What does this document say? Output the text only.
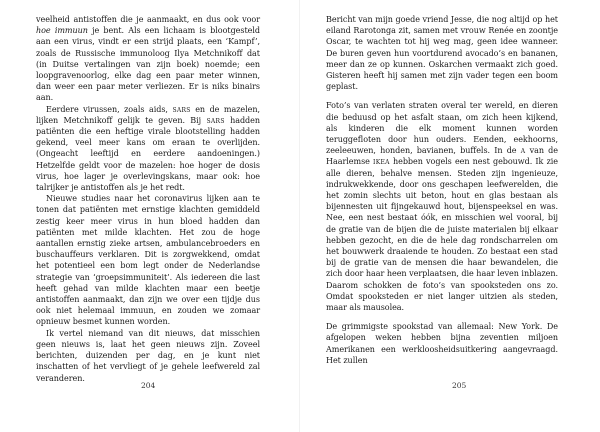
veelheid antistoffen die je aanmaakt, en dus ook voor hoe immuun je bent. Als een lichaam is blootgesteld aan een virus, vindt er een strijd plaats, een ‘Kampf’, zoals de Russische immunoloog Ilya Metchnikoff dat (in Duitse vertalingen van zijn boek) noemde; een loopgravenoorlog, elke dag een paar meter winnen, dan weer een paar meter verliezen. Er is niks binairs aan.

Eerdere virussen, zoals aids, sars en de mazelen, lijken Metchnikoff gelijk te geven. Bij sars hadden patiënten die een heftige virale blootstelling hadden gekend, veel meer kans om eraan te overlijden. (Ongeacht leeftijd en eerdere aandoeningen.) Hetzelfde geldt voor de mazelen: hoe hoger de dosis virus, hoe lager je overlevingskans, maar ook: hoe talrijker je antistoffen als je het redt.

Nieuwe studies naar het coronavirus lijken aan te tonen dat patiënten met ernstige klachten gemiddeld zestig keer meer virus in hun bloed hadden dan patiënten met milde klachten. Het zou de hoge aantallen ernstig zieke artsen, ambulancebroeders en buschauffeurs verklaren. Dit is zorgwekkend, omdat het potentieel een bom legt onder de Nederlandse strategie van ‘groepsimmuniteit’. Als iedereen die last heeft gehad van milde klachten maar een beetje antistoffen aanmaakt, dan zijn we over een tijdje dus ook niet helemaal immuun, en zouden we zomaar opnieuw besmet kunnen worden.

Ik vertel niemand van dit nieuws, dat misschien geen nieuws is, laat het geen nieuws zijn. Zoveel berichten, duizenden per dag, en je kunt niet inschatten of het vervliegt of je gehele leefwereld zal veranderen.

204

Bericht van mijn goede vriend Jesse, die nog altijd op het eiland Rarotonga zit, samen met vrouw Renée en zoontje Oscar, te wachten tot hij weg mag, geen idee wanneer. De buren geven hun voortdurend avocado’s en bananen, meer dan ze op kunnen. Oskarchen vermaakt zich goed. Gisteren heeft hij samen met zijn vader tegen een boom geplast.

Foto’s van verlaten straten overal ter wereld, en dieren die beduusd op het asfalt staan, om zich heen kijkend, als kinderen die elk moment kunnen worden teruggefloten door hun ouders. Eenden, eekhoorns, zeeleeuwen, honden, bavianen, buffels. In de a van de Haarlemse ikea hebben vogels een nest gebouwd. Ik zie alle dieren, behalve mensen. Steden zijn ingenieuze, indrukwekkende, door ons geschapen leefwerelden, die het zomin slechts uit beton, hout en glas bestaan als bijennesten uit fijngekauwd hout, bijenspeeksel en was. Nee, een nest bestaat óók, en misschien wel vooral, bij de gratie van de bijen die de juiste materialen bij elkaar hebben gezocht, en die de hele dag rondscharrelen om het bouwwerk draaiende te houden. Zo bestaat een stad bij de gratie van de mensen die haar bewandelen, die zich door haar heen verplaatsen, die haar leven inblazen. Daarom schokken de foto’s van spooksteden ons zo. Omdat spooksteden er niet langer uitzien als steden, maar als mausolea.

De grimmigste spookstad van allemaal: New York. De afgelopen weken hebben bijna zeventien miljoen Amerikanen een werkloosheidsuitkering aangevraagd. Het zullen

205
